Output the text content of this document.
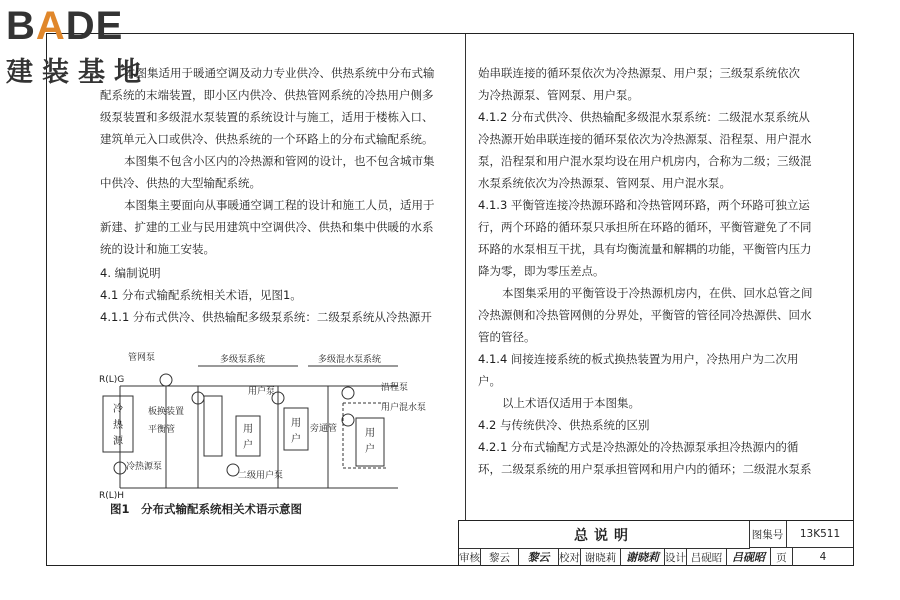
BADE
建装基地

本图集适用于暖通空调及动力专业供冷、供热系统中分布式输配系统的末端装置，即小区内供冷、供热管网系统的冷热用户侧多级泵装置和多级混水泵装置的系统设计与施工，适用于楼栋入口、建筑单元入口或供冷、供热系统的一个环路上的分布式输配系统。

本图集不包含小区内的冷热源和管网的设计，也不包含城市集中供冷、供热的大型输配系统。

本图集主要面向从事暖通空调工程的设计和施工人员，适用于新建、扩建的工业与民用建筑中空调供冷、供热和集中供暖的水系统的设计和施工安装。

4. 编制说明

4.1 分布式输配系统相关术语，见图1。

4.1.1 分布式供冷、供热输配多级泵系统：二级泵系统从冷热源开

管网泵	多级泵系统	多级混水泵系统
用户泵
板换装置
平衡管
冷热源泵
二级用户泵
旁通管
沿程泵
用户混水泵
R(L)G
R(L)H
冷
热
源
用
户
用
户
用
户
图1　分布式输配系统相关术语示意图

始串联连接的循环泵依次为冷热源泵、用户泵；三级泵系统依次

为冷热源泵、管网泵、用户泵。

4.1.2 分布式供冷、供热输配多级混水泵系统：二级混水泵系统从冷热源开始串联连接的循环泵依次为冷热源泵、沿程泵、用户混水泵，沿程泵和用户混水泵均设在用户机房内，合称为二级；三级混水泵系统依次为冷热源泵、管网泵、用户混水泵。

4.1.3 平衡管连接冷热源环路和冷热管网环路，两个环路可独立运行，两个环路的循环泵只承担所在环路的循环，平衡管避免了不同环路的水泵相互干扰，具有均衡流量和解耦的功能，平衡管内压力降为零，即为零压差点。

本图集采用的平衡管设于冷热源机房内，在供、回水总管之间冷热源侧和冷热管网侧的分界处，平衡管的管径同冷热源供、回水管的管径。

4.1.4 间接连接系统的板式换热装置为用户，冷热用户为二次用户。

以上术语仅适用于本图集。

4.2 与传统供冷、供热系统的区别

4.2.1 分布式输配方式是冷热源处的冷热源泵承担冷热源内的循环，二级泵系统的用户泵承担管网和用户内的循环；二级混水泵系

总说明	图集号	13K511
审核 黎云	黎云 校对 谢晓莉 谢晓莉 设计 吕砚昭 吕砚昭	页	4
